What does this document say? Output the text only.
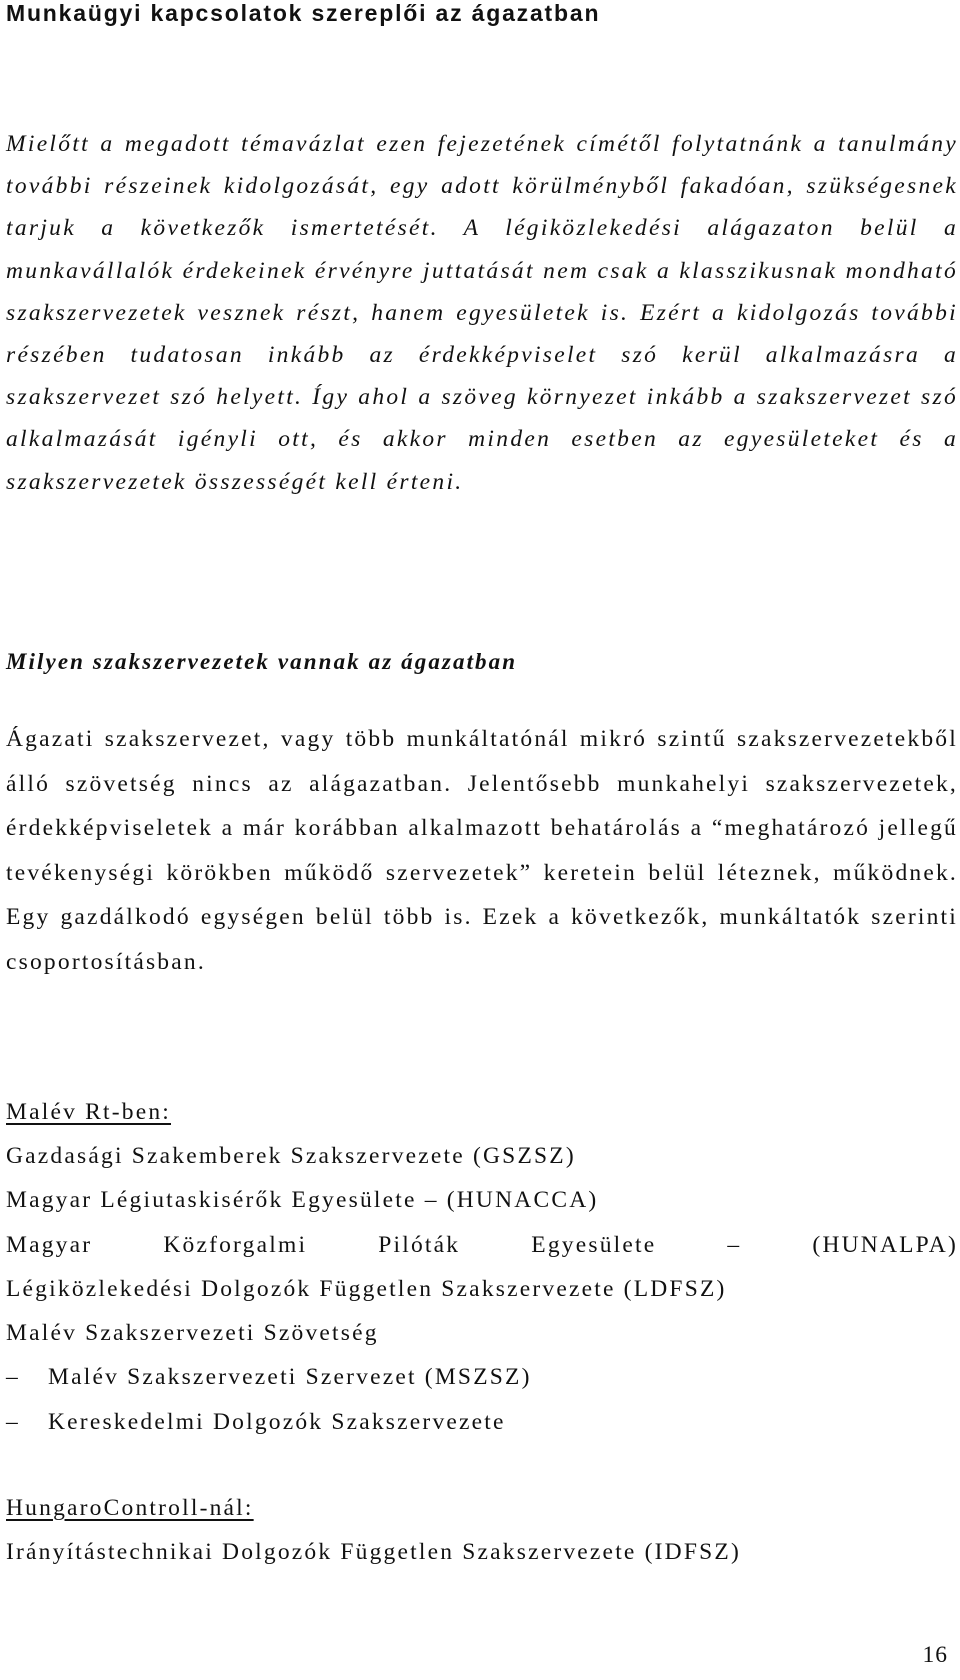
Munkaügyi kapcsolatok szereplői az ágazatban

Mielőtt a megadott témavázlat ezen fejezetének címétől folytatnánk a tanulmány további részeinek kidolgozását, egy adott körülményből fakadóan, szükségesnek tarjuk a következők ismertetését. A légiközlekedési alágazaton belül a munkavállalók érdekeinek érvényre juttatását nem csak a klasszikusnak mondható szakszervezetek vesznek részt, hanem egyesületek is. Ezért a kidolgozás további részében tudatosan inkább az érdekképviselet szó kerül alkalmazásra a szakszervezet szó helyett. Így ahol a szöveg környezet inkább a szakszervezet szó alkalmazását igényli ott, és akkor minden esetben az egyesületeket és a szakszervezetek összességét kell érteni.

Milyen szakszervezetek vannak az ágazatban

Ágazati szakszervezet, vagy több munkáltatónál mikró szintű szakszervezetekből álló szövetség nincs az alágazatban. Jelentősebb munkahelyi szakszervezetek, érdekképviseletek a már korábban alkalmazott behatárolás a “meghatározó jellegű tevékenységi körökben működő szervezetek” keretein belül léteznek, működnek. Egy gazdálkodó egységen belül több is. Ezek a következők, munkáltatók szerinti csoportosításban.

Malév Rt-ben:
Gazdasági Szakemberek Szakszervezete (GSZSZ)
Magyar Légiutaskisérők Egyesülete – (HUNACCA)
Magyar Közforgalmi Pilóták Egyesülete – (HUNALPA)
Légiközlekedési Dolgozók Független Szakszervezete (LDFSZ)
Malév Szakszervezeti Szövetség
– Malév Szakszervezeti Szervezet (MSZSZ)
– Kereskedelmi Dolgozók Szakszervezete
HungaroControll-nál:
Irányítástechnikai Dolgozók Független Szakszervezete (IDFSZ)
16
